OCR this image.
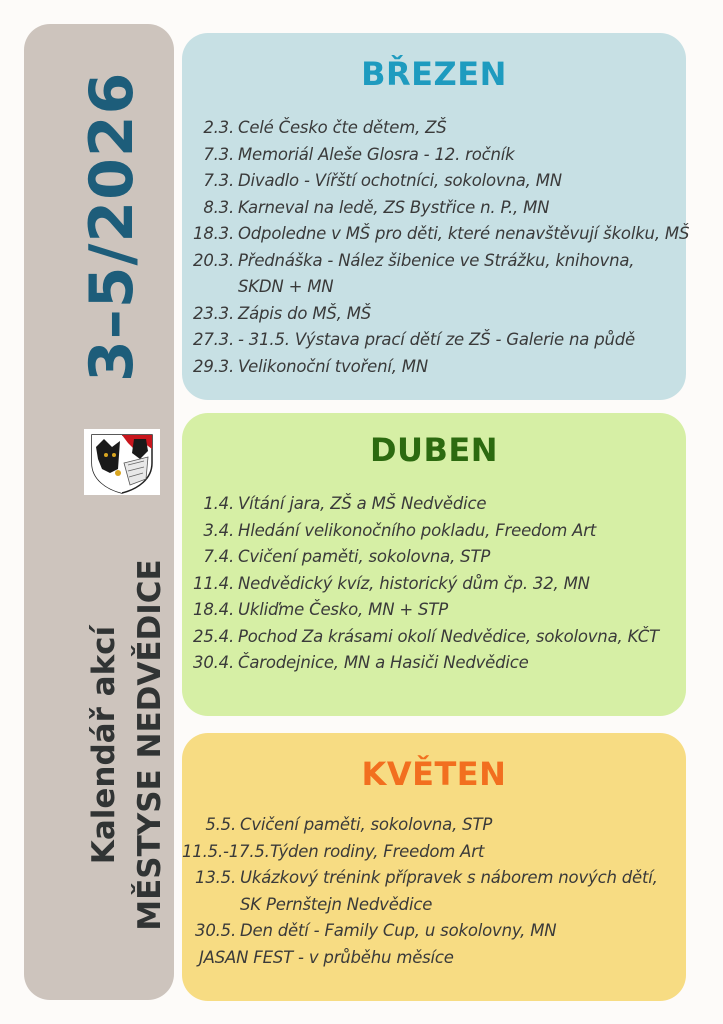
3–5/2026
Kalendář akcí MĚSTYSE NEDVĚDICE
BŘEZEN
2.3. Celé Česko čte dětem, ZŠ
7.3. Memoriál Aleše Glosra - 12. ročník
7.3. Divadlo - Vířští ochotníci, sokolovna, MN
8.3. Karneval na ledě, ZS Bystřice n. P., MN
18.3. Odpoledne v MŠ pro děti, které nenavštěvují školku, MŠ
20.3. Přednáška - Nález šibenice ve Strážku, knihovna,
SKDN + MN
23.3. Zápis do MŠ, MŠ
27.3. - 31.5. Výstava prací dětí ze ZŠ - Galerie na půdě
29.3. Velikonoční tvoření, MN
DUBEN
1.4. Vítání jara, ZŠ a MŠ Nedvědice
3.4. Hledání velikonočního pokladu, Freedom Art
7.4. Cvičení paměti, sokolovna, STP
11.4. Nedvědický kvíz, historický dům čp. 32, MN
18.4. Ukliďme Česko, MN + STP
25.4. Pochod Za krásami okolí Nedvědice, sokolovna, KČT
30.4. Čarodejnice, MN a Hasiči Nedvědice
KVĚTEN
5.5. Cvičení paměti, sokolovna, STP
11.5.-17.5. Týden rodiny, Freedom Art
13.5. Ukázkový trénink přípravek s náborem nových dětí,
SK Pernštejn Nedvědice
30.5. Den dětí - Family Cup, u sokolovny, MN
JASAN FEST - v průběhu měsíce
